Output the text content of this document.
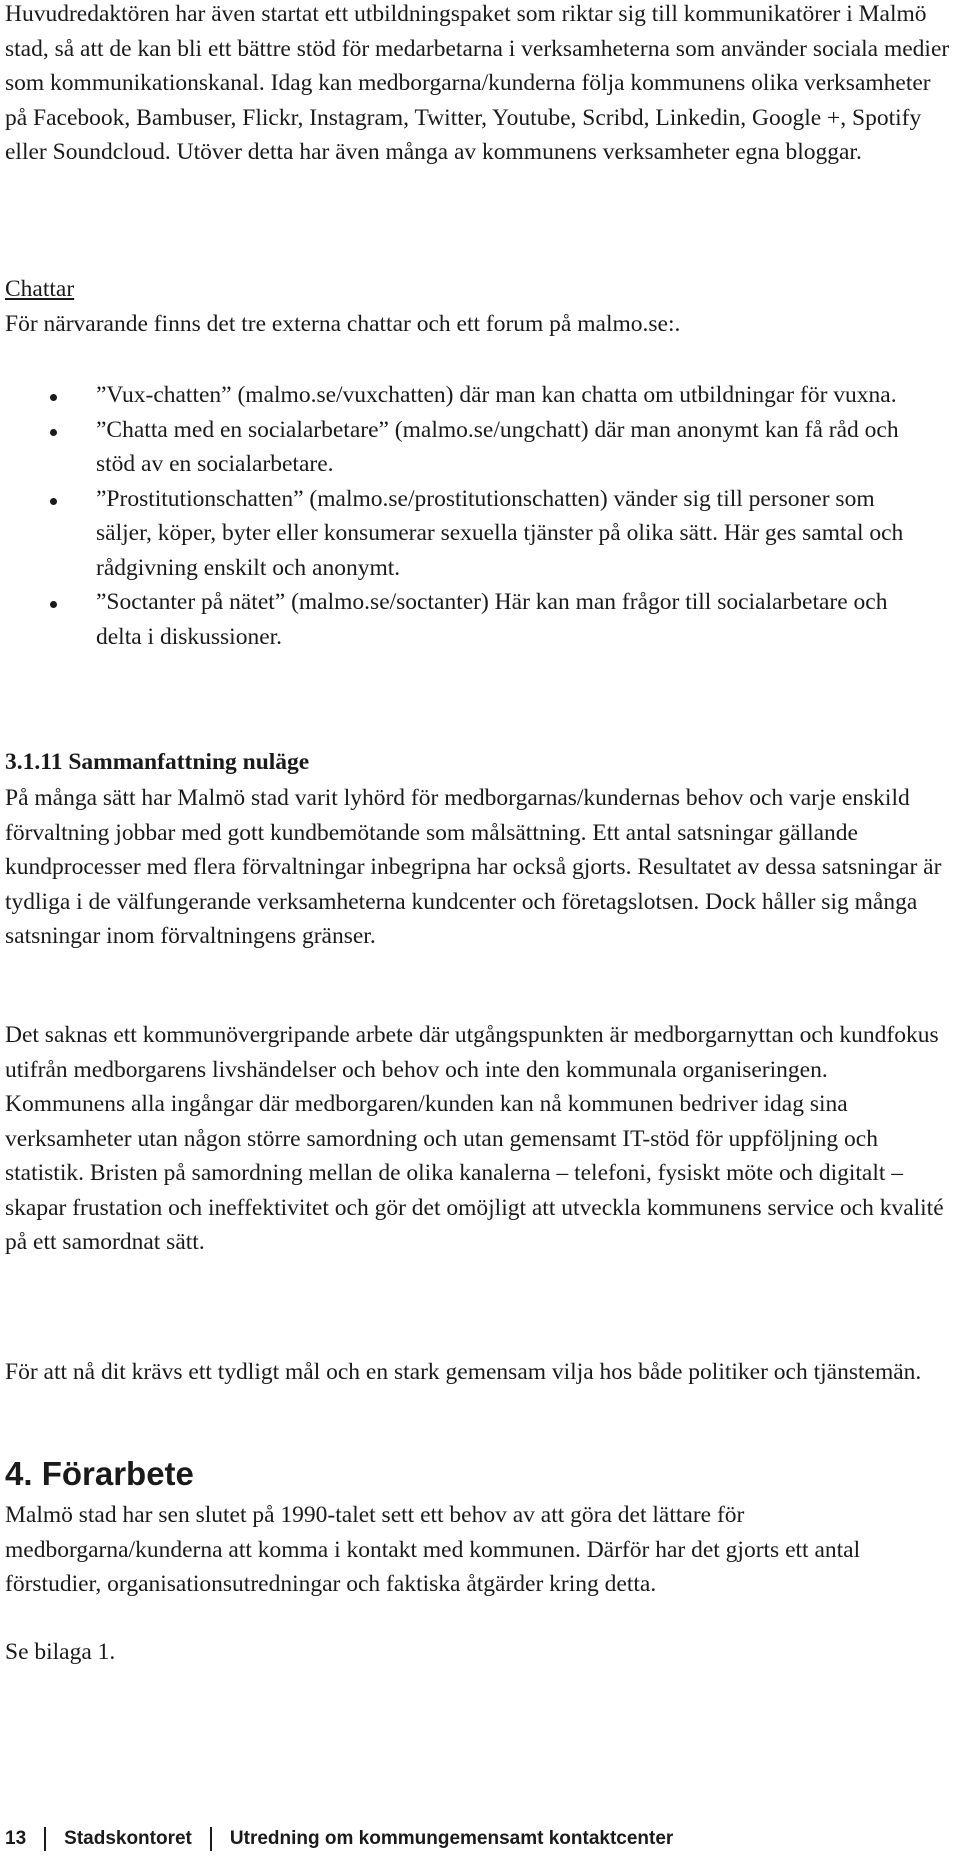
Huvudredaktören har även startat ett utbildningspaket som riktar sig till kommunikatörer i Malmö stad, så att de kan bli ett bättre stöd för medarbetarna i verksamheterna som använder sociala medier som kommunikationskanal. Idag kan medborgarna/kunderna följa kommunens olika verksamheter på Facebook, Bambuser, Flickr, Instagram, Twitter, Youtube, Scribd, Linkedin, Google +, Spotify eller Soundcloud. Utöver detta har även många av kommunens verksamheter egna bloggar.

Chattar

För närvarande finns det tre externa chattar och ett forum på malmo.se:.

”Vux-chatten” (malmo.se/vuxchatten) där man kan chatta om utbildningar för vuxna.
”Chatta med en socialarbetare” (malmo.se/ungchatt) där man anonymt kan få råd och stöd av en socialarbetare.
”Prostitutionschatten” (malmo.se/prostitutionschatten) vänder sig till personer som säljer, köper, byter eller konsumerar sexuella tjänster på olika sätt. Här ges samtal och rådgivning enskilt och anonymt.
”Soctanter på nätet” (malmo.se/soctanter) Här kan man frågor till socialarbetare och delta i diskussioner.
3.1.11 Sammanfattning nuläge

På många sätt har Malmö stad varit lyhörd för medborgarnas/kundernas behov och varje enskild förvaltning jobbar med gott kundbemötande som målsättning. Ett antal satsningar gällande kundprocesser med flera förvaltningar inbegripna har också gjorts. Resultatet av dessa satsningar är tydliga i de välfungerande verksamheterna kundcenter och företagslotsen. Dock håller sig många satsningar inom förvaltningens gränser.

Det saknas ett kommunövergripande arbete där utgångspunkten är medborgarnyttan och kundfokus utifrån medborgarens livshändelser och behov och inte den kommunala organiseringen. Kommunens alla ingångar där medborgaren/kunden kan nå kommunen bedriver idag sina verksamheter utan någon större samordning och utan gemensamt IT-stöd för uppföljning och statistik. Bristen på samordning mellan de olika kanalerna – telefoni, fysiskt möte och digitalt – skapar frustation och ineffektivitet och gör det omöjligt att utveckla kommunens service och kvalité på ett samordnat sätt.

För att nå dit krävs ett tydligt mål och en stark gemensam vilja hos både politiker och tjänstemän.

4. Förarbete

Malmö stad har sen slutet på 1990-talet sett ett behov av att göra det lättare för medborgarna/kunderna att komma i kontakt med kommunen. Därför har det gjorts ett antal förstudier, organisationsutredningar och faktiska åtgärder kring detta.

Se bilaga 1.

13 Stadskontoret Utredning om kommungemensamt kontaktcenter
